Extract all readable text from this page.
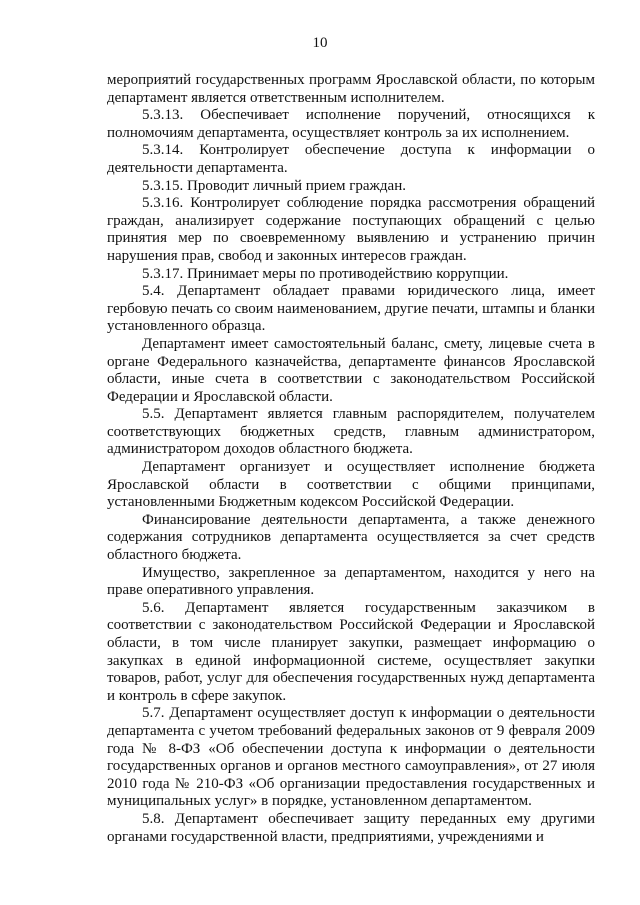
10

мероприятий государственных программ Ярославской области, по которым департамент является ответственным исполнителем.

5.3.13. Обеспечивает исполнение поручений, относящихся к полномочиям департамента, осуществляет контроль за их исполнением.

5.3.14. Контролирует обеспечение доступа к информации о деятельности департамента.

5.3.15. Проводит личный прием граждан.

5.3.16. Контролирует соблюдение порядка рассмотрения обращений граждан, анализирует содержание поступающих обращений с целью принятия мер по своевременному выявлению и устранению причин нарушения прав, свобод и законных интересов граждан.

5.3.17. Принимает меры по противодействию коррупции.

5.4. Департамент обладает правами юридического лица, имеет гербовую печать со своим наименованием, другие печати, штампы и бланки установленного образца.

Департамент имеет самостоятельный баланс, смету, лицевые счета в органе Федерального казначейства, департаменте финансов Ярославской области, иные счета в соответствии с законодательством Российской Федерации и Ярославской области.

5.5. Департамент является главным распорядителем, получателем соответствующих бюджетных средств, главным администратором, администратором доходов областного бюджета.

Департамент организует и осуществляет исполнение бюджета Ярославской области в соответствии с общими принципами, установленными Бюджетным кодексом Российской Федерации.

Финансирование деятельности департамента, а также денежного содержания сотрудников департамента осуществляется за счет средств областного бюджета.

Имущество, закрепленное за департаментом, находится у него на праве оперативного управления.

5.6. Департамент является государственным заказчиком в соответствии с законодательством Российской Федерации и Ярославской области, в том числе планирует закупки, размещает информацию о закупках в единой информационной системе, осуществляет закупки товаров, работ, услуг для обеспечения государственных нужд департамента и контроль в сфере закупок.

5.7. Департамент осуществляет доступ к информации о деятельности департамента с учетом требований федеральных законов от 9 февраля 2009 года № 8-ФЗ «Об обеспечении доступа к информации о деятельности государственных органов и органов местного самоуправления», от 27 июля 2010 года № 210-ФЗ «Об организации предоставления государственных и муниципальных услуг» в порядке, установленном департаментом.

5.8. Департамент обеспечивает защиту переданных ему другими органами государственной власти, предприятиями, учреждениями и
